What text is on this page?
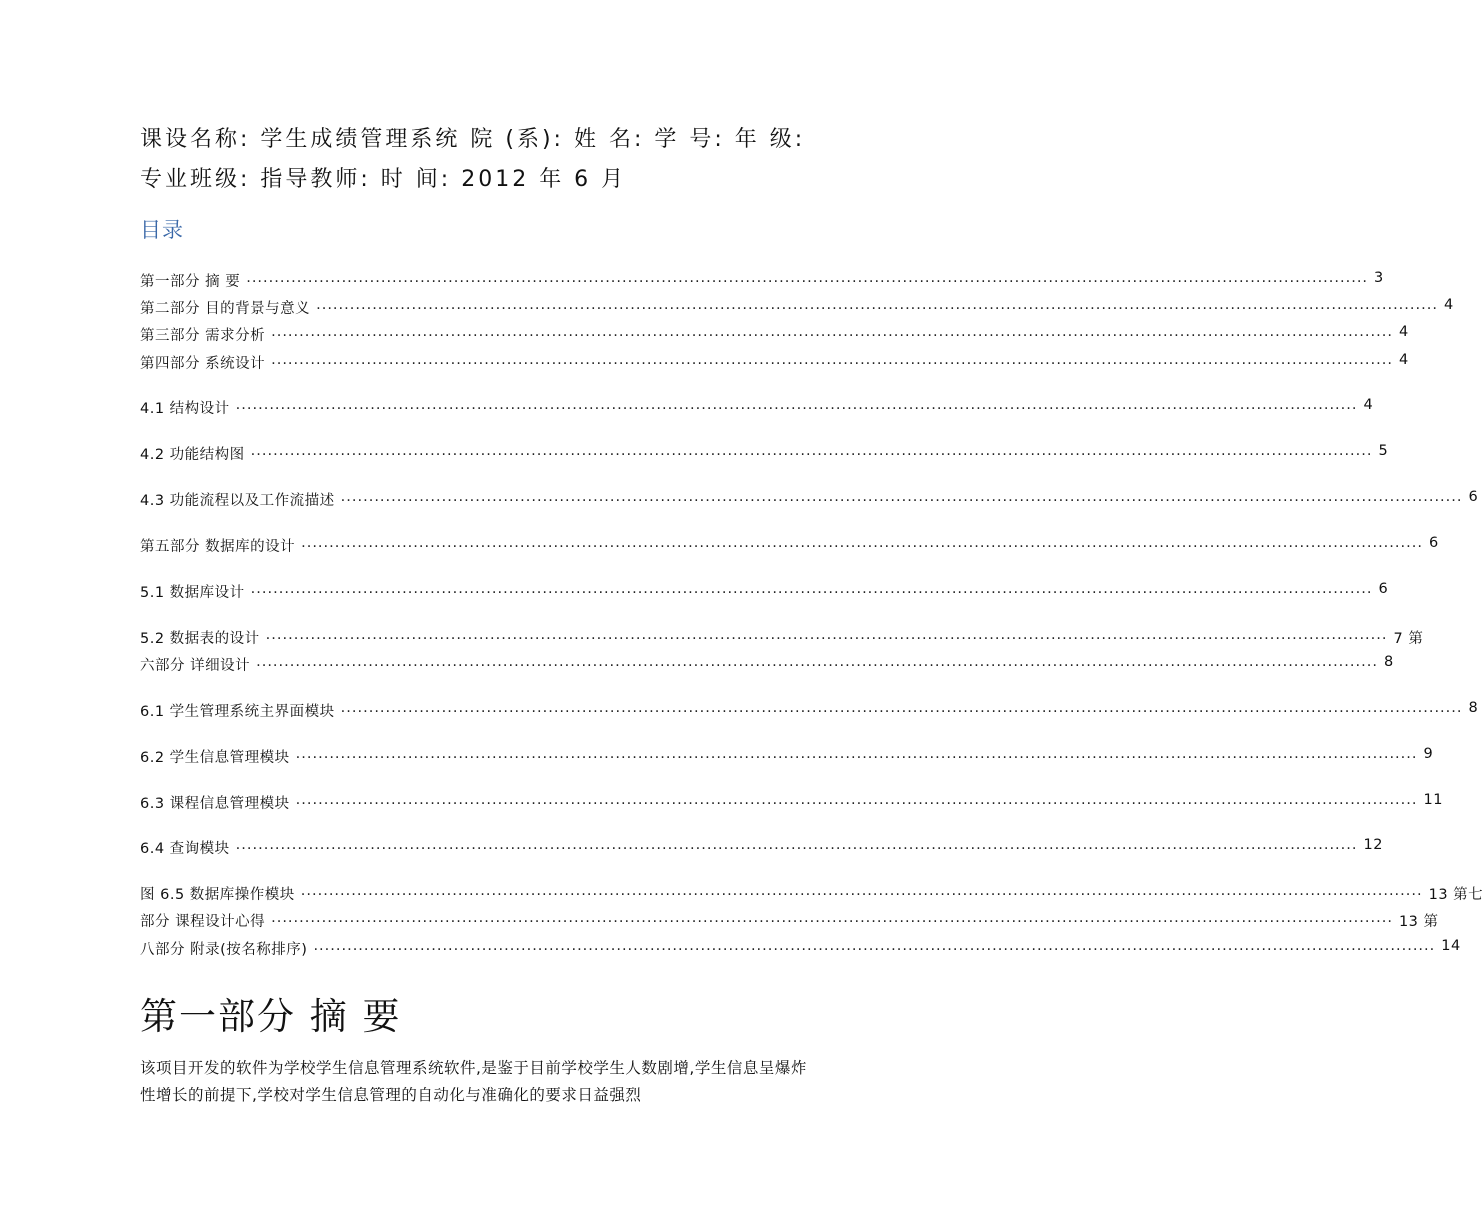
课设名称: 学生成绩管理系统 院 (系): 姓 名: 学 号: 年 级:
专业班级: 指导教师: 时 间: 2012 年 6 月
目录
第一部分 摘 要 ........................................................................................................................................................................................................ 3
第二部分 目的背景与意义 ........................................................................................................................................................................................................ 4
第三部分 需求分析 ........................................................................................................................................................................................................ 4
第四部分 系统设计 ........................................................................................................................................................................................................ 4
4.1 结构设计 ........................................................................................................................................................................................................ 4
4.2 功能结构图 ........................................................................................................................................................................................................ 5
4.3 功能流程以及工作流描述 ........................................................................................................................................................................................................ 6
第五部分 数据库的设计 ........................................................................................................................................................................................................ 6
5.1 数据库设计 ........................................................................................................................................................................................................ 6
5.2 数据表的设计 ........................................................................................................................................................................................................ 7 第
六部分 详细设计 ........................................................................................................................................................................................................ 8
6.1 学生管理系统主界面模块 ........................................................................................................................................................................................................ 8
6.2 学生信息管理模块 ........................................................................................................................................................................................................ 9
6.3 课程信息管理模块 ........................................................................................................................................................................................................ 11
6.4 查询模块 ........................................................................................................................................................................................................ 12
图 6.5 数据库操作模块 ........................................................................................................................................................................................................ 13 第七
部分 课程设计心得 ........................................................................................................................................................................................................ 13 第
八部分 附录(按名称排序) ........................................................................................................................................................................................................ 14
第一部分 摘 要
该项目开发的软件为学校学生信息管理系统软件,是鉴于目前学校学生人数剧增,学生信息呈爆炸性增长的前提下,学校对学生信息管理的自动化与准确化的要求日益强烈
